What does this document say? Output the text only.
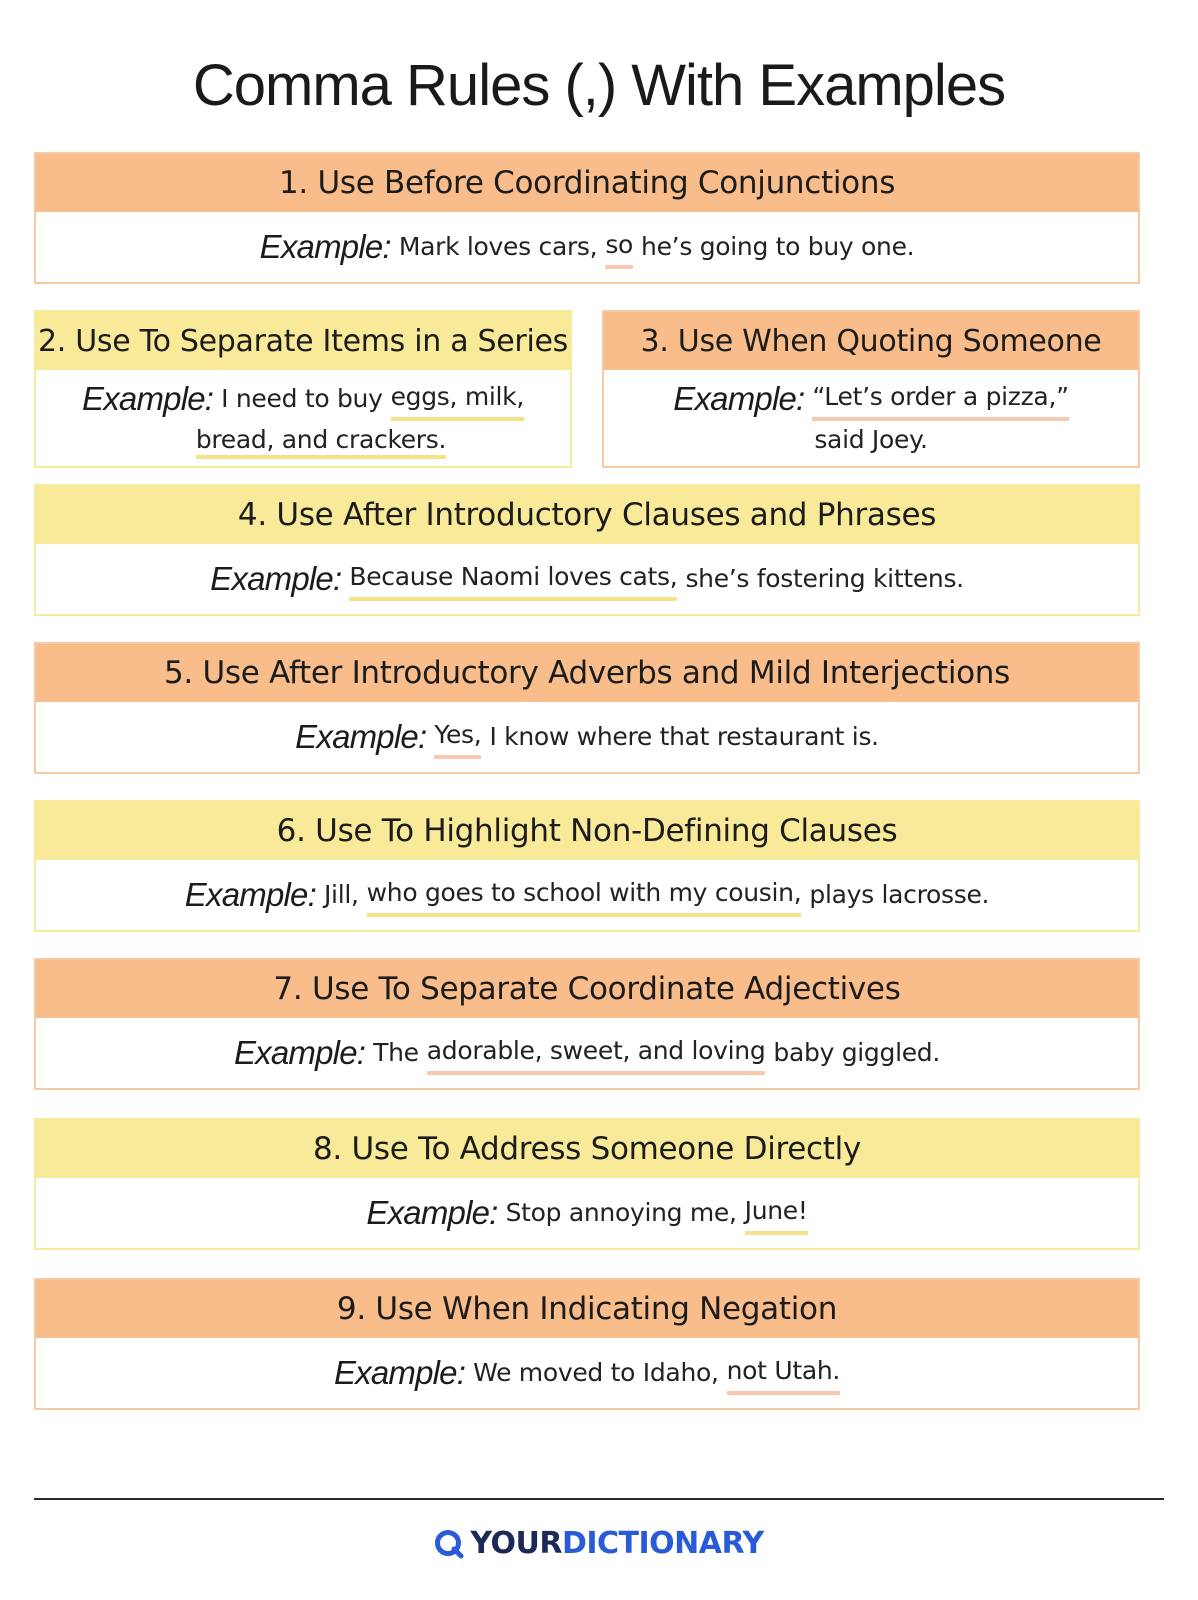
Comma Rules (,) With Examples
1. Use Before Coordinating Conjunctions
Example: Mark loves cars, so he’s going to buy one.
2. Use To Separate Items in a Series
Example: I need to buy eggs, milk,
bread, and crackers.
3. Use When Quoting Someone
Example: “Let’s order a pizza,”
said Joey.
4. Use After Introductory Clauses and Phrases
Example: Because Naomi loves cats, she’s fostering kittens.
5. Use After Introductory Adverbs and Mild Interjections
Example: Yes, I know where that restaurant is.
6. Use To Highlight Non-Defining Clauses
Example: Jill, who goes to school with my cousin, plays lacrosse.
7. Use To Separate Coordinate Adjectives
Example: The adorable, sweet, and loving baby giggled.
8. Use To Address Someone Directly
Example: Stop annoying me, June!
9. Use When Indicating Negation
Example: We moved to Idaho, not Utah.
YOUR DICTIONARY
